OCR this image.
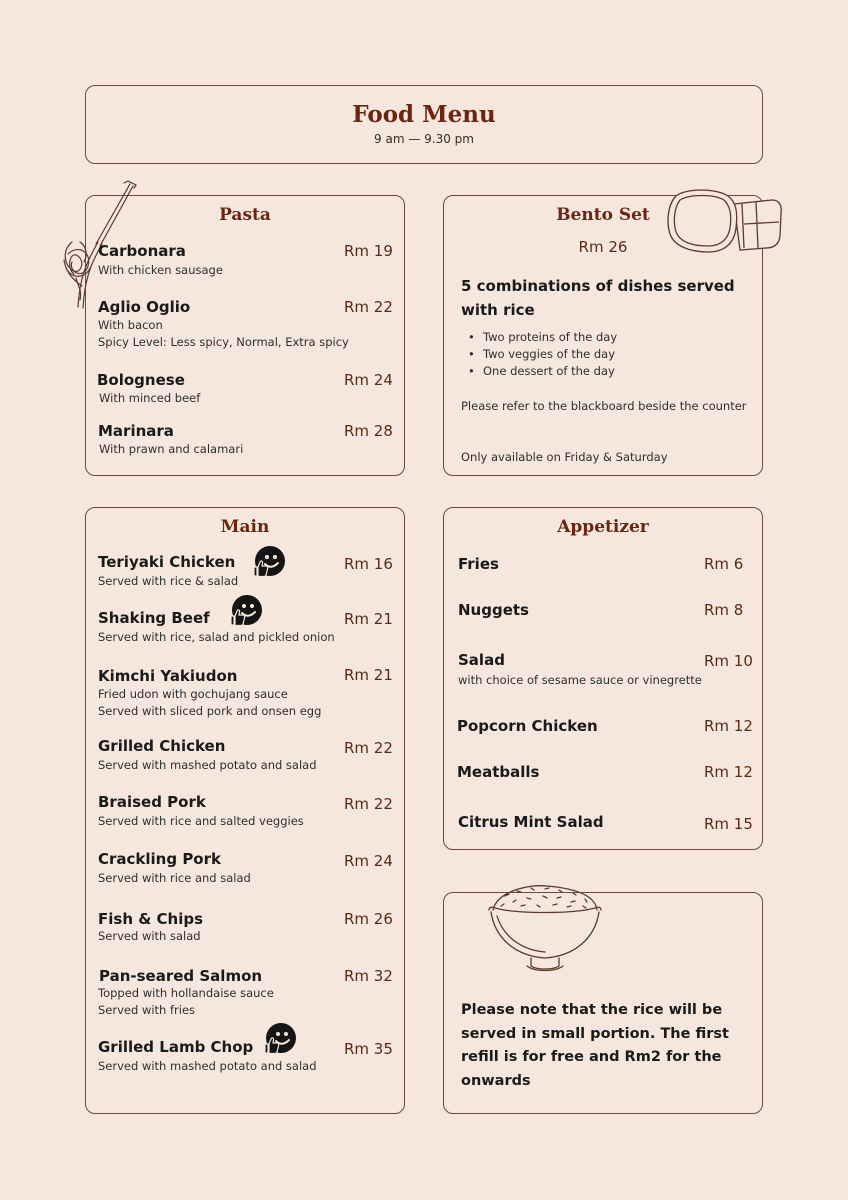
Food Menu
9 am — 9.30 pm
Pasta
Carbonara	Rm 19
With chicken sausage
Aglio Oglio	Rm 22
With bacon
Spicy Level: Less spicy, Normal, Extra spicy
Bolognese	Rm 24
With minced beef
Marinara	Rm 28
With prawn and calamari
Bento Set
Rm 26
5 combinations of dishes served with rice
• Two proteins of the day
• Two veggies of the day
• One dessert of the day
Please refer to the blackboard beside the counter
Only available on Friday & Saturday
Main
Teriyaki Chicken	Rm 16
Served with rice & salad
Shaking Beef	Rm 21
Served with rice, salad and pickled onion
Kimchi Yakiudon	Rm 21
Fried udon with gochujang sauce
Served with sliced pork and onsen egg
Grilled Chicken	Rm 22
Served with mashed potato and salad
Braised Pork	Rm 22
Served with rice and salted veggies
Crackling Pork	Rm 24
Served with rice and salad
Fish & Chips	Rm 26
Served with salad
Pan-seared Salmon	Rm 32
Topped with hollandaise sauce
Served with fries
Grilled Lamb Chop	Rm 35
Served with mashed potato and salad
Appetizer
Fries	Rm 6
Nuggets	Rm 8
Salad	Rm 10
with choice of sesame sauce or vinegrette
Popcorn Chicken	Rm 12
Meatballs	Rm 12
Citrus Mint Salad	Rm 15
Please note that the rice will be served in small portion. The first refill is for free and Rm2 for the onwards
